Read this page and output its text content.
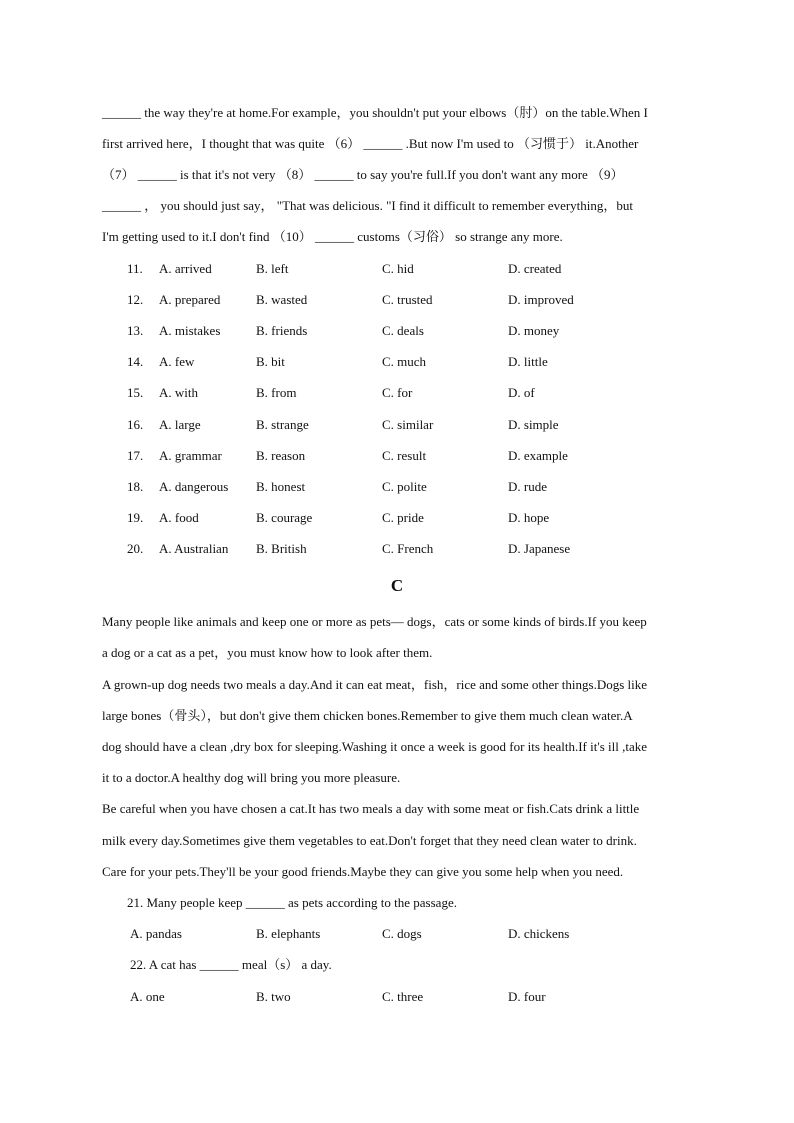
______ the way they're at home.For example，you shouldn't put your elbows（肘）on the table.When I
first arrived here，I thought that was quite （6） ______ .But now I'm used to （习惯于） it.Another
（7） ______ is that it's not very （8） ______ to say you're full.If you don't want any more （9）
______ ， you should just say， "That was delicious. "I find it difficult to remember everything，but
I'm getting used to it.I don't find （10） ______ customs（习俗） so strange any more.
11. A. arrived	B. left	C. hid	D. created
12. A. prepared	B. wasted	C. trusted	D. improved
13. A. mistakes	B. friends	C. deals	D. money
14. A. few	B. bit	C. much	D. little
15. A. with	B. from	C. for	D. of
16. A. large	B. strange	C. similar	D. simple
17. A. grammar	B. reason	C. result	D. example
18. A. dangerous B. honest	C. polite	D. rude
19. A. food	B. courage	C. pride	D. hope
20. A. Australian B. British	C. French	D. Japanese
C
Many people like animals and keep one or more as pets— dogs，cats or some kinds of birds.If you keep
a dog or a cat as a pet，you must know how to look after them.
A grown-up dog needs two meals a day.And it can eat meat，fish，rice and some other things.Dogs like
large bones（骨头），but don't give them chicken bones.Remember to give them much clean water.A
dog should have a clean ,dry box for sleeping.Washing it once a week is good for its health.If it's ill ,take
it to a doctor.A healthy dog will bring you more pleasure.
Be careful when you have chosen a cat.It has two meals a day with some meat or fish.Cats drink a little
milk every day.Sometimes give them vegetables to eat.Don't forget that they need clean water to drink.
Care for your pets.They'll be your good friends.Maybe they can give you some help when you need.
21. Many people keep ______ as pets according to the passage.
A. pandas	B. elephants	C. dogs	D. chickens
22. A cat has ______ meal（s） a day.
A. one	B. two	C. three	D. four
